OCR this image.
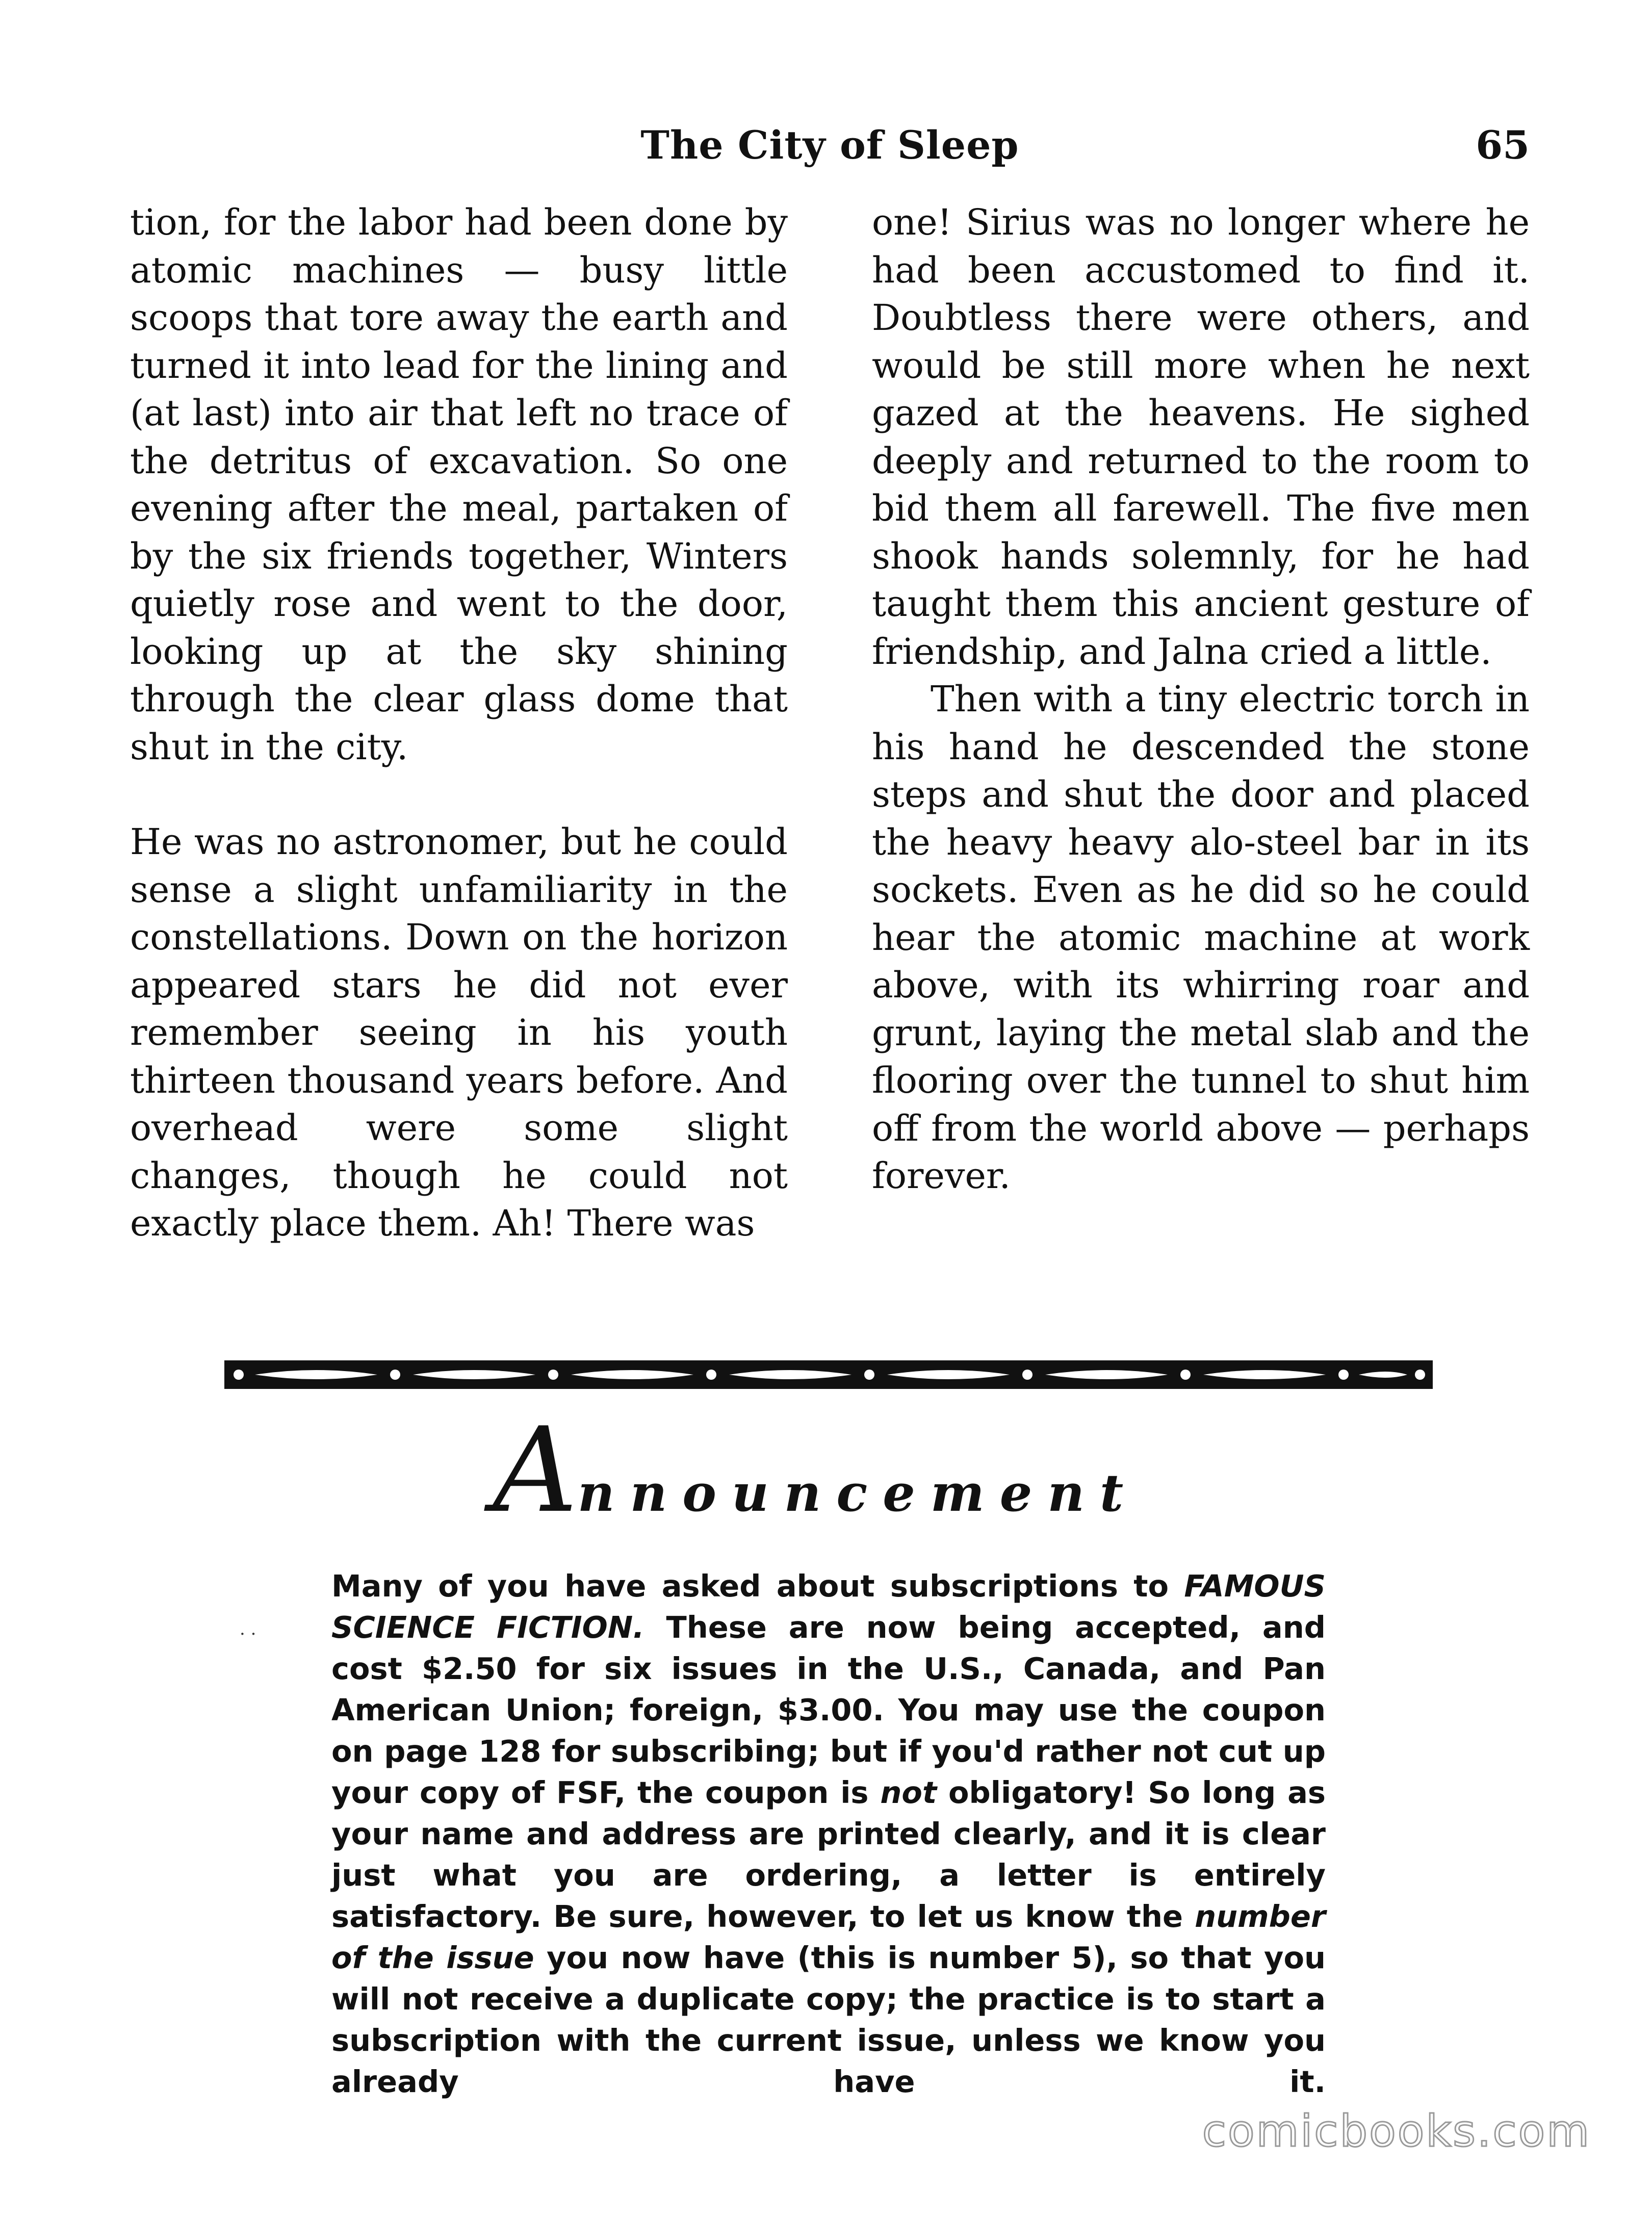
The City of Sleep	65

tion, for the labor had been done by atomic machines — busy little scoops that tore away the earth and turned it into lead for the lining and (at last) into air that left no trace of the detritus of excavation. So one evening after the meal, partaken of by the six friends together, Winters quietly rose and went to the door, looking up at the sky shining through the clear glass dome that shut in the city.

He was no astronomer, but he could sense a slight unfamiliarity in the constellations. Down on the horizon appeared stars he did not ever remember seeing in his youth thirteen thousand years before. And overhead were some slight changes, though he could not exactly place them. Ah! There was

one! Sirius was no longer where he had been accustomed to find it. Doubtless there were others, and would be still more when he next gazed at the heavens. He sighed deeply and returned to the room to bid them all farewell. The five men shook hands solemnly, for he had taught them this ancient gesture of friendship, and Jalna cried a little.

Then with a tiny electric torch in his hand he descended the stone steps and shut the door and placed the heavy heavy alo-steel bar in its sockets. Even as he did so he could hear the atomic machine at work above, with its whirring roar and grunt, laying the metal slab and the flooring over the tunnel to shut him off from the world above — perhaps forever.

Announcement
· ·

Many of you have asked about subscriptions to FAMOUS SCIENCE FICTION. These are now being accepted, and cost $2.50 for six issues in the U.S., Canada, and Pan American Union; foreign, $3.00. You may use the coupon on page 128 for subscribing; but if you'd rather not cut up your copy of FSF, the coupon is not obligatory! So long as your name and address are printed clearly, and it is clear just what you are ordering, a letter is entirely satisfactory. Be sure, however, to let us know the number of the issue you now have (this is number 5), so that you will not receive a duplicate copy; the practice is to start a subscription with the current issue, unless we know you already have it.

comicbooks.com
